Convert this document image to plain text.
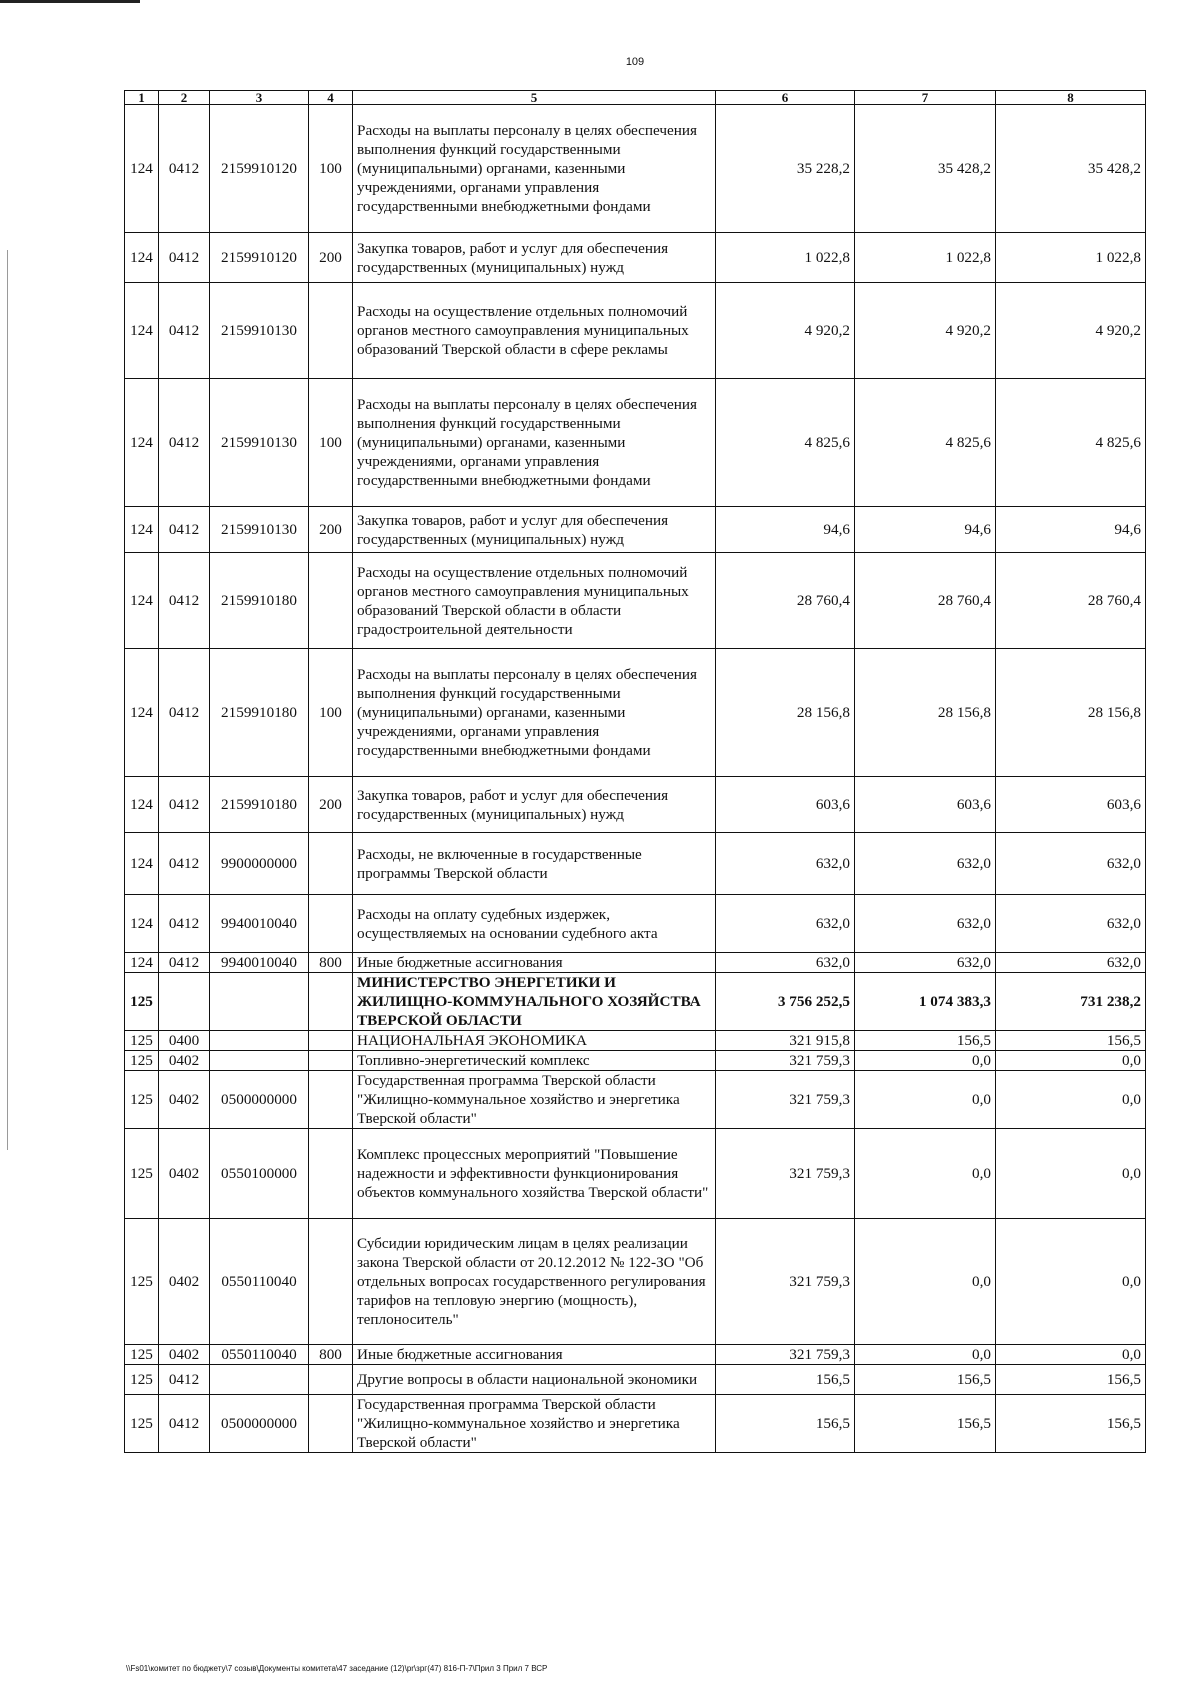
109
1	2	3	4	5	6	7	8
124	0412	2159910120	100	Расходы на выплаты персоналу в целях обеспечения выполнения функций государственными (муниципальными) органами, казенными учреждениями, органами управления государственными внебюджетными фондами	35 228,2	35 428,2	35 428,2
124	0412	2159910120	200	Закупка товаров, работ и услуг для обеспечения государственных (муниципальных) нужд	1 022,8	1 022,8	1 022,8
124	0412	2159910130		Расходы на осуществление отдельных полномочий органов местного самоуправления муниципальных образований Тверской области в сфере рекламы	4 920,2	4 920,2	4 920,2
124	0412	2159910130	100	Расходы на выплаты персоналу в целях обеспечения выполнения функций государственными (муниципальными) органами, казенными учреждениями, органами управления государственными внебюджетными фондами	4 825,6	4 825,6	4 825,6
124	0412	2159910130	200	Закупка товаров, работ и услуг для обеспечения государственных (муниципальных) нужд	94,6	94,6	94,6
124	0412	2159910180		Расходы на осуществление отдельных полномочий органов местного самоуправления муниципальных образований Тверской области в области градостроительной деятельности	28 760,4	28 760,4	28 760,4
124	0412	2159910180	100	Расходы на выплаты персоналу в целях обеспечения выполнения функций государственными (муниципальными) органами, казенными учреждениями, органами управления государственными внебюджетными фондами	28 156,8	28 156,8	28 156,8
124	0412	2159910180	200	Закупка товаров, работ и услуг для обеспечения государственных (муниципальных) нужд	603,6	603,6	603,6
124	0412	9900000000		Расходы, не включенные в государственные программы Тверской области	632,0	632,0	632,0
124	0412	9940010040		Расходы на оплату судебных издержек, осуществляемых на основании судебного акта	632,0	632,0	632,0
124	0412	9940010040	800	Иные бюджетные ассигнования	632,0	632,0	632,0
125				МИНИСТЕРСТВО ЭНЕРГЕТИКИ И ЖИЛИЩНО-КОММУНАЛЬНОГО ХОЗЯЙСТВА ТВЕРСКОЙ ОБЛАСТИ	3 756 252,5	1 074 383,3	731 238,2
125	0400			НАЦИОНАЛЬНАЯ ЭКОНОМИКА	321 915,8	156,5	156,5
125	0402			Топливно-энергетический комплекс	321 759,3	0,0	0,0
125	0402	0500000000		Государственная программа Тверской области "Жилищно-коммунальное хозяйство и энергетика Тверской области"	321 759,3	0,0	0,0
125	0402	0550100000		Комплекс процессных мероприятий "Повышение надежности и эффективности функционирования объектов коммунального хозяйства Тверской области"	321 759,3	0,0	0,0
125	0402	0550110040		Субсидии юридическим лицам в целях реализации закона Тверской области от 20.12.2012 № 122-ЗО "Об отдельных вопросах государственного регулирования тарифов на тепловую энергию (мощность), теплоноситель"	321 759,3	0,0	0,0
125	0402	0550110040	800	Иные бюджетные ассигнования	321 759,3	0,0	0,0
125	0412			Другие вопросы в области национальной экономики	156,5	156,5	156,5
125	0412	0500000000		Государственная программа Тверской области "Жилищно-коммунальное хозяйство и энергетика Тверской области"	156,5	156,5	156,5
\\Fs01\комитет по бюджету\7 созыв\Документы комитета\47 заседание (12)\pr\зрг(47) 816-П-7\Прил 3 Прил 7 ВСР
